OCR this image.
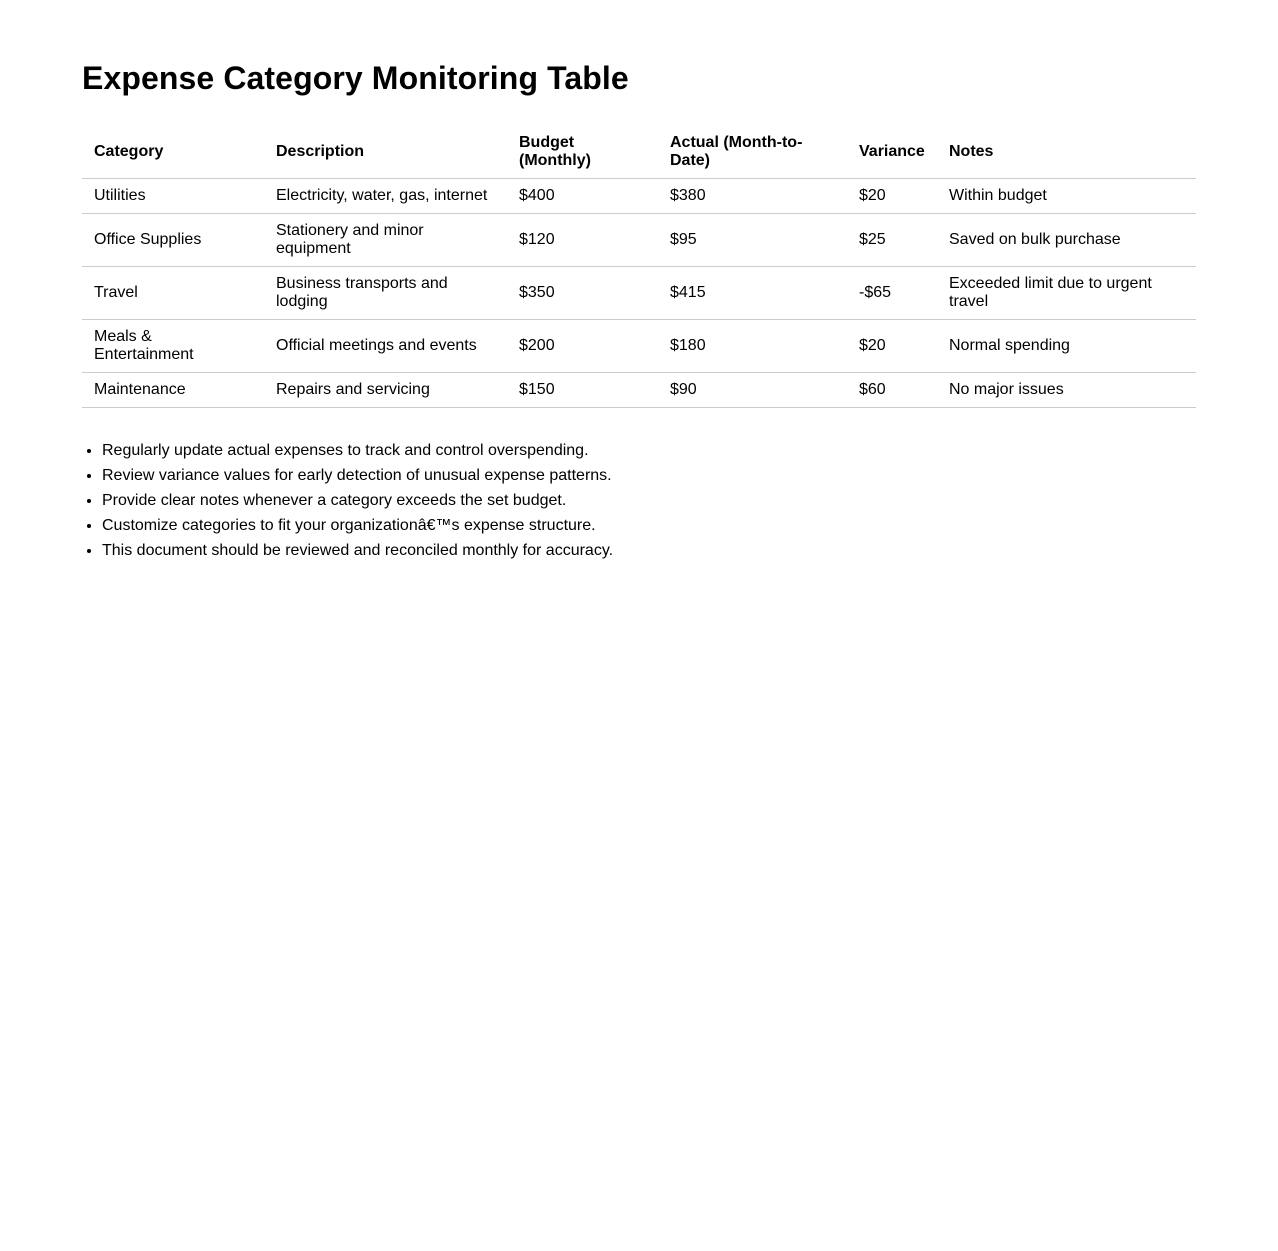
Expense Category Monitoring Table
Category	Description	Budget (Monthly)	Actual (Month-to-Date)	Variance	Notes
Utilities	Electricity, water, gas, internet	$400	$380	$20	Within budget
Office Supplies	Stationery and minor equipment	$120	$95	$25	Saved on bulk purchase
Travel	Business transports and lodging	$350	$415	-$65	Exceeded limit due to urgent travel
Meals & Entertainment	Official meetings and events	$200	$180	$20	Normal spending
Maintenance	Repairs and servicing	$150	$90	$60	No major issues
• Regularly update actual expenses to track and control overspending.
• Review variance values for early detection of unusual expense patterns.
• Provide clear notes whenever a category exceeds the set budget.
• Customize categories to fit your organizationâ€™s expense structure.
• This document should be reviewed and reconciled monthly for accuracy.
